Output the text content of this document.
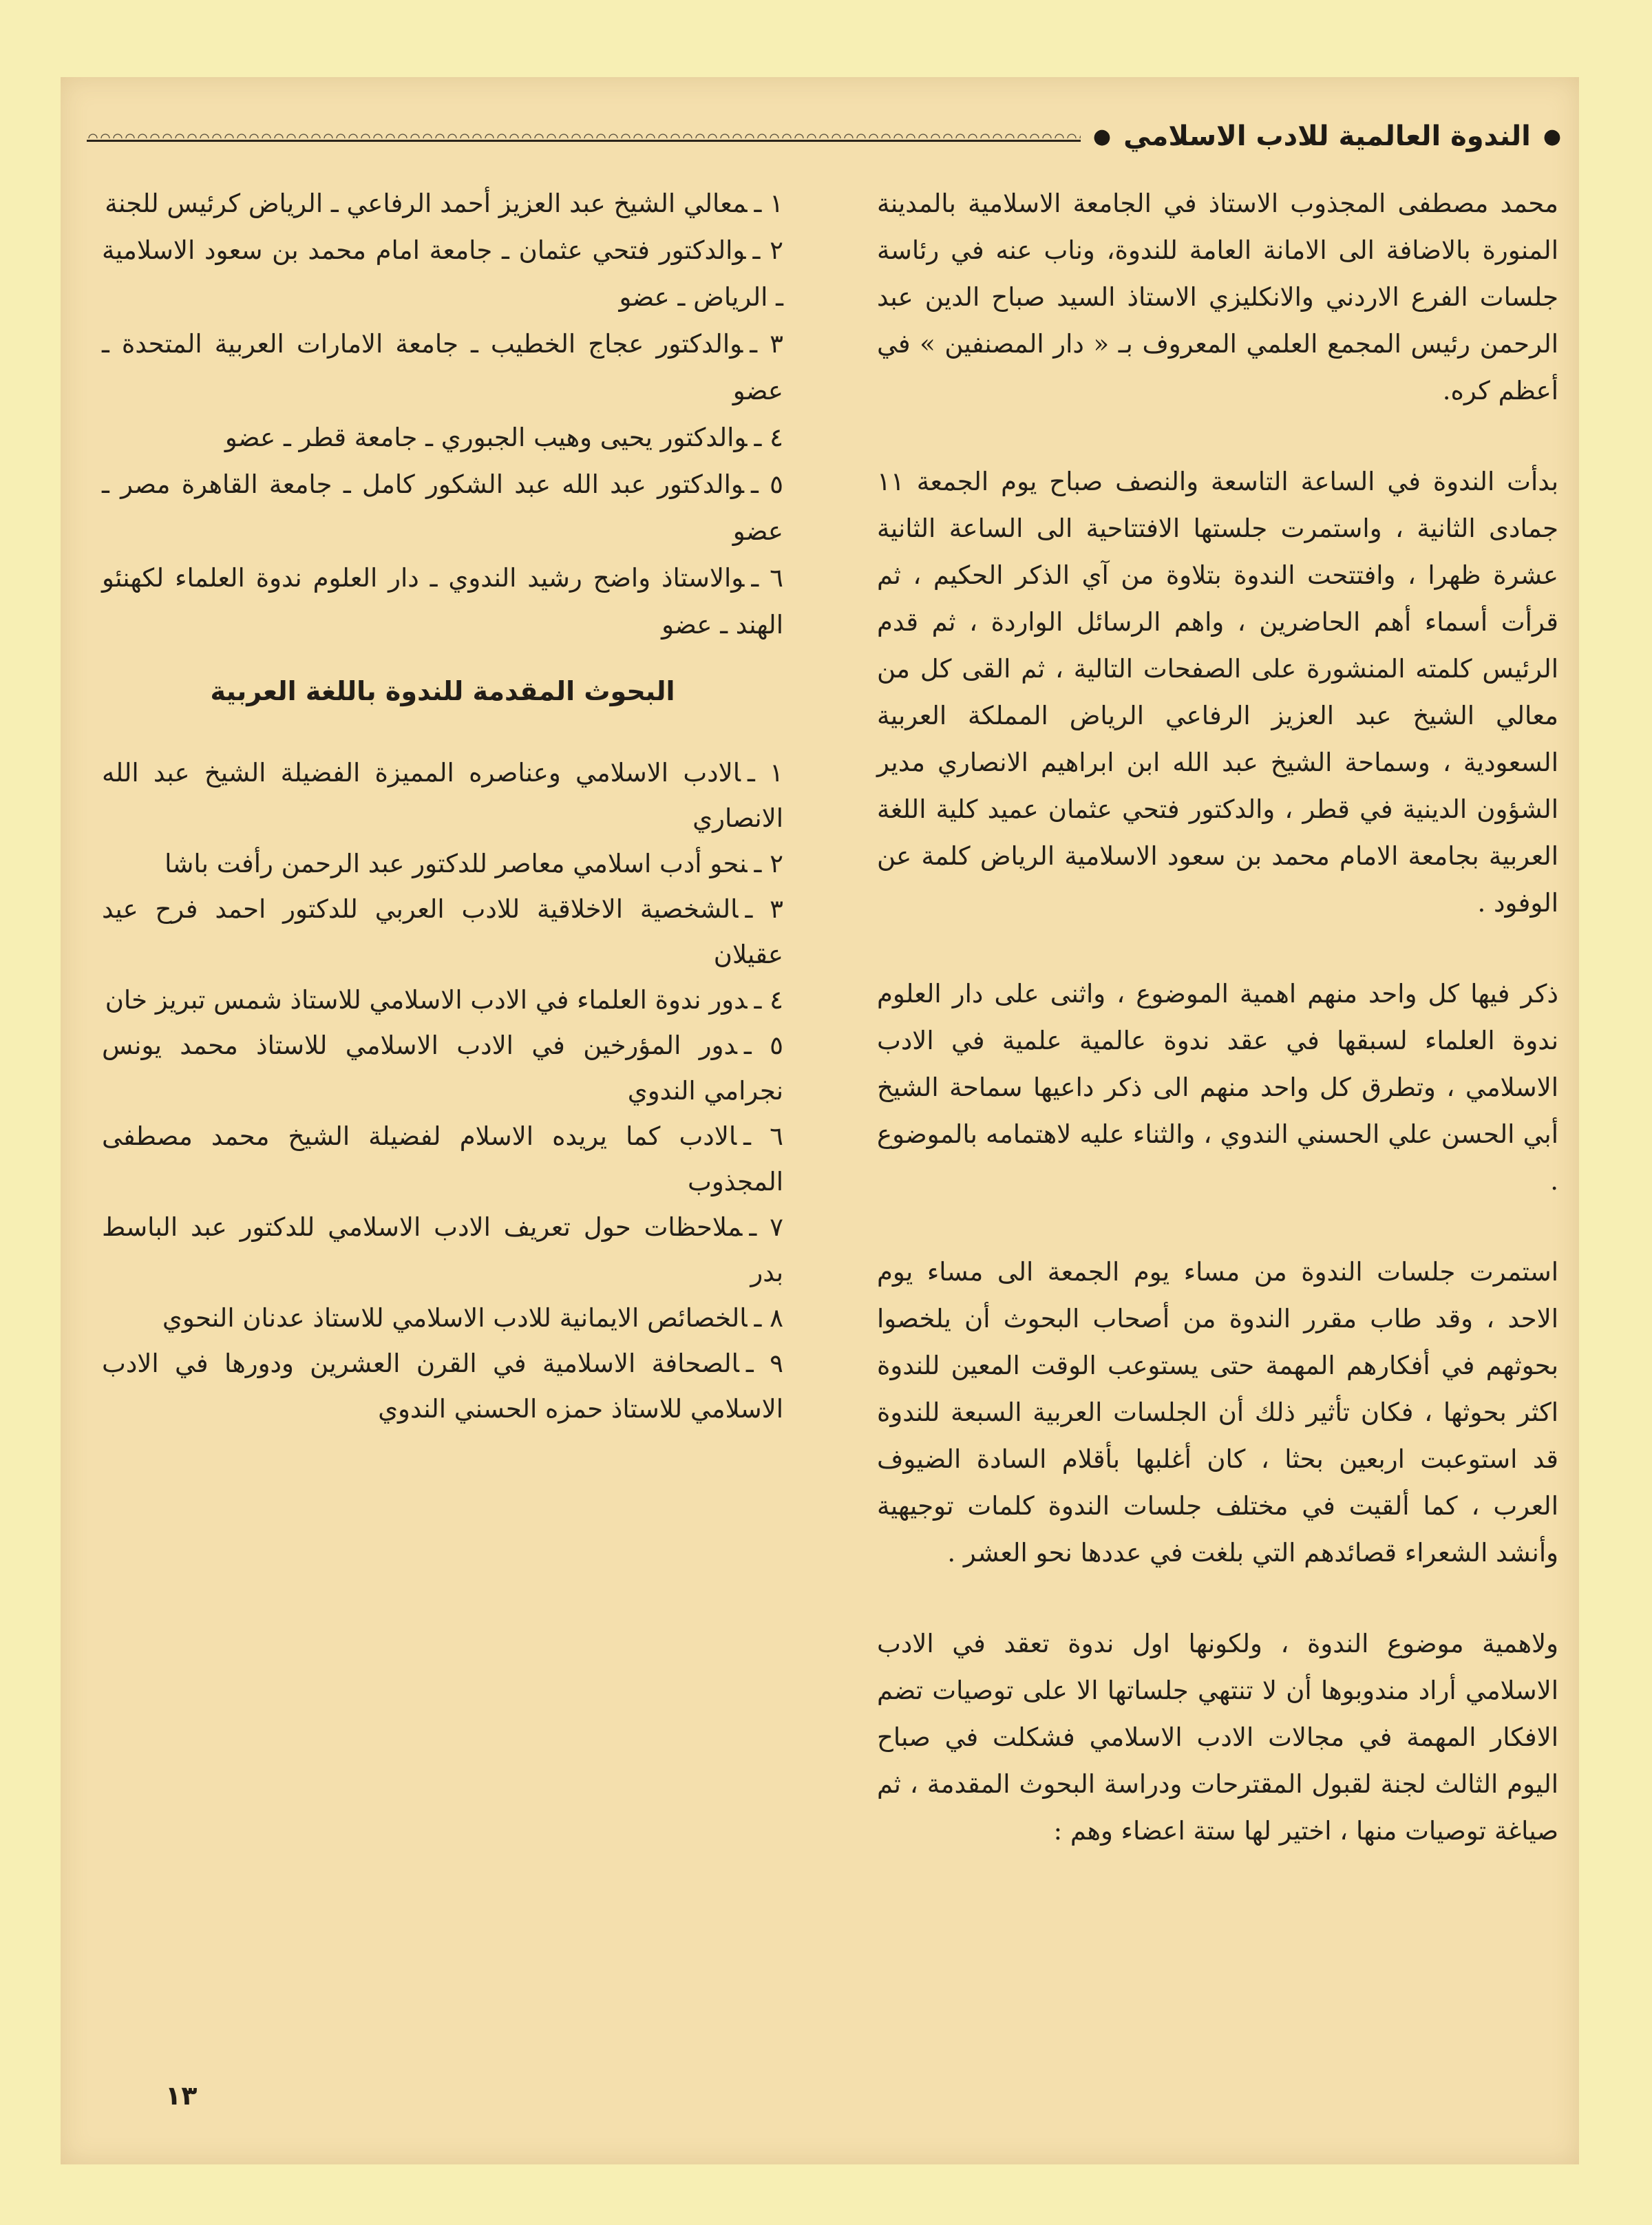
●
الندوة العالمية للادب الاسلامي
●

محمد مصطفى المجذوب الاستاذ في الجامعة الاسلامية بالمدينة المنورة بالاضافة الى الامانة العامة للندوة، وناب عنه في رئاسة جلسات الفرع الاردني والانكليزي الاستاذ السيد صباح الدين عبد الرحمن رئيس المجمع العلمي المعروف بـ « دار المصنفين » في أعظم كره.

بدأت الندوة في الساعة التاسعة والنصف صباح يوم الجمعة ١١ جمادى الثانية ، واستمرت جلستها الافتتاحية الى الساعة الثانية عشرة ظهرا ، وافتتحت الندوة بتلاوة من آي الذكر الحكيم ، ثم قرأت أسماء أهم الحاضرين ، واهم الرسائل الواردة ، ثم قدم الرئيس كلمته المنشورة على الصفحات التالية ، ثم القى كل من معالي الشيخ عبد العزيز الرفاعي الرياض المملكة العربية السعودية ، وسماحة الشيخ عبد الله ابن ابراهيم الانصاري مدير الشؤون الدينية في قطر ، والدكتور فتحي عثمان عميد كلية اللغة العربية بجامعة الامام محمد بن سعود الاسلامية الرياض كلمة عن الوفود .

ذكر فيها كل واحد منهم اهمية الموضوع ، واثنى على دار العلوم ندوة العلماء لسبقها في عقد ندوة عالمية علمية في الادب الاسلامي ، وتطرق كل واحد منهم الى ذكر داعيها سماحة الشيخ أبي الحسن علي الحسني الندوي ، والثناء عليه لاهتمامه بالموضوع .

استمرت جلسات الندوة من مساء يوم الجمعة الى مساء يوم الاحد ، وقد طاب مقرر الندوة من أصحاب البحوث أن يلخصوا بحوثهم في أفكارهم المهمة حتى يستوعب الوقت المعين للندوة اكثر بحوثها ، فكان تأثير ذلك أن الجلسات العربية السبعة للندوة قد استوعبت اربعين بحثا ، كان أغلبها بأقلام السادة الضيوف العرب ، كما ألقيت في مختلف جلسات الندوة كلمات توجيهية وأنشد الشعراء قصائدهم التي بلغت في عددها نحو العشر .

ولاهمية موضوع الندوة ، ولكونها اول ندوة تعقد في الادب الاسلامي أراد مندوبوها أن لا تنتهي جلساتها الا على توصيات تضم الافكار المهمة في مجالات الادب الاسلامي فشكلت في صباح اليوم الثالث لجنة لقبول المقترحات ودراسة البحوث المقدمة ، ثم صياغة توصيات منها ، اختير لها ستة اعضاء وهم :

١ ـمعالي الشيخ عبد العزيز أحمد الرفاعي ـ الرياض كرئيس للجنة

٢ ـوالدكتور فتحي عثمان ـ جامعة امام محمد بن سعود الاسلامية ـ الرياض ـ عضو

٣ ـوالدكتور عجاج الخطيب ـ جامعة الامارات العربية المتحدة ـ عضو

٤ ـوالدكتور يحيى وهيب الجبوري ـ جامعة قطر ـ عضو

٥ ـوالدكتور عبد الله عبد الشكور كامل ـ جامعة القاهرة مصر ـ عضو

٦ ـوالاستاذ واضح رشيد الندوي ـ دار العلوم ندوة العلماء لكهنئو الهند ـ عضو

البحوث المقدمة للندوة باللغة العربية

١ ـالادب الاسلامي وعناصره المميزة الفضيلة الشيخ عبد الله الانصاري

٢ ـنحو أدب اسلامي معاصر للدكتور عبد الرحمن رأفت باشا

٣ ـالشخصية الاخلاقية للادب العربي للدكتور احمد فرح عيد عقيلان

٤ ـدور ندوة العلماء في الادب الاسلامي للاستاذ شمس تبريز خان

٥ ـدور المؤرخين في الادب الاسلامي للاستاذ محمد يونس نجرامي الندوي

٦ ـالادب كما يريده الاسلام لفضيلة الشيخ محمد مصطفى المجذوب

٧ ـملاحظات حول تعريف الادب الاسلامي للدكتور عبد الباسط بدر

٨ ـالخصائص الايمانية للادب الاسلامي للاستاذ عدنان النحوي

٩ ـالصحافة الاسلامية في القرن العشرين ودورها في الادب الاسلامي للاستاذ حمزه الحسني الندوي

١٣
